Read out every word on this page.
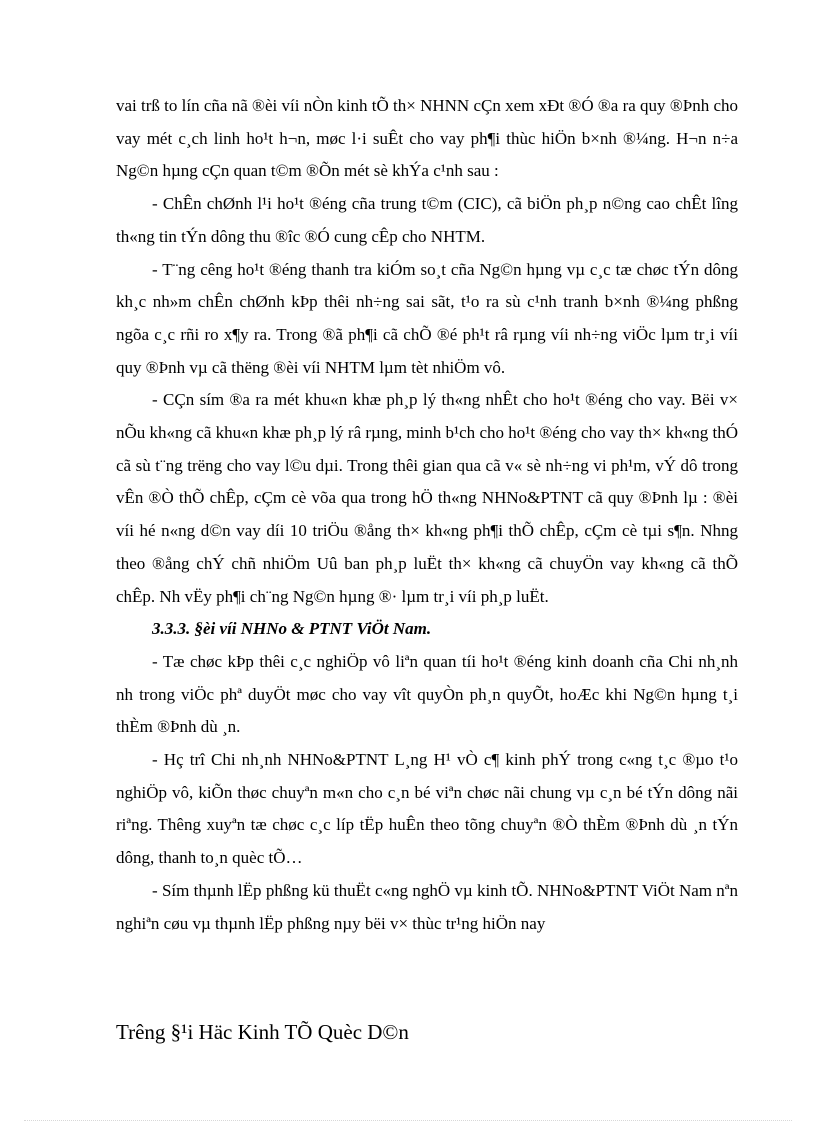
vai trß to lín cña nã ®èi víi nÒn kinh tÕ th× NHNN cÇn xem xÐt ®Ó ®a ra quy ®Þnh cho vay mét c¸ch linh ho¹t h¬n, møc l·i suÊt cho vay ph¶i thùc hiÖn b×nh ®¼ng. H¬n n÷a Ng©n hµng cÇn quan t©m ®Õn mét sè khÝa c¹nh sau :

- ChÊn chØnh l¹i ho¹t ®éng cña trung t©m (CIC), cã biÖn ph¸p n©ng cao chÊt lîng th«ng tin tÝn dông thu ®îc ®Ó cung cÊp cho NHTM.

- T¨ng cêng ho¹t ®éng thanh tra kiÓm so¸t cña Ng©n hµng vµ c¸c tæ chøc tÝn dông kh¸c nh»m chÊn chØnh kÞp thêi nh÷ng sai sãt, t¹o ra sù c¹nh tranh b×nh ®¼ng phßng ngõa c¸c rñi ro x¶y ra. Trong ®ã ph¶i cã chÕ ®é ph¹t râ rµng víi nh÷ng viÖc lµm tr¸i víi quy ®Þnh vµ cã thëng ®èi víi NHTM lµm tèt nhiÖm vô.

- CÇn sím ®a ra mét khu«n khæ ph¸p lý th«ng nhÊt cho ho¹t ®éng cho vay. Bëi v× nÕu kh«ng cã khu«n khæ ph¸p lý râ rµng, minh b¹ch cho ho¹t ®éng cho vay th× kh«ng thÓ cã sù t¨ng trëng cho vay l©u dµi. Trong thêi gian qua cã v« sè nh÷ng vi ph¹m, vÝ dô trong vÊn ®Ò thÕ chÊp, cÇm cè võa qua trong hÖ th«ng NHNo&PTNT cã quy ®Þnh lµ : ®èi víi hé n«ng d©n vay díi 10 triÖu ®ång th× kh«ng ph¶i thÕ chÊp, cÇm cè tµi s¶n. Nhng theo ®ång chÝ chñ nhiÖm Uû ban ph¸p luËt th× kh«ng cã chuyÖn vay kh«ng cã thÕ chÊp. Nh vËy ph¶i ch¨ng Ng©n hµng ®· lµm tr¸i víi ph¸p luËt.

3.3.3. §èi víi NHNo & PTNT ViÖt Nam.

- Tæ chøc kÞp thêi c¸c nghiÖp vô liªn quan tíi ho¹t ®éng kinh doanh cña Chi nh¸nh nh trong viÖc phª duyÖt møc cho vay vît quyÒn ph¸n quyÕt, hoÆc khi Ng©n hµng t¸i thÈm ®Þnh dù ¸n.

- Hç trî Chi nh¸nh NHNo&PTNT L¸ng H¹ vÒ c¶ kinh phÝ trong c«ng t¸c ®µo t¹o nghiÖp vô, kiÕn thøc chuyªn m«n cho c¸n bé viªn chøc nãi chung vµ c¸n bé tÝn dông nãi riªng. Thêng xuyªn tæ chøc c¸c líp tËp huÊn theo tõng chuyªn ®Ò thÈm ®Þnh dù ¸n tÝn dông, thanh to¸n quèc tÕ…

- Sím thµnh lËp phßng kü thuËt c«ng nghÖ vµ kinh tÕ. NHNo&PTNT ViÖt Nam nªn nghiªn cøu vµ thµnh lËp phßng nµy bëi v× thùc tr¹ng hiÖn nay

Trêng §¹i Häc Kinh TÕ Quèc D©n
